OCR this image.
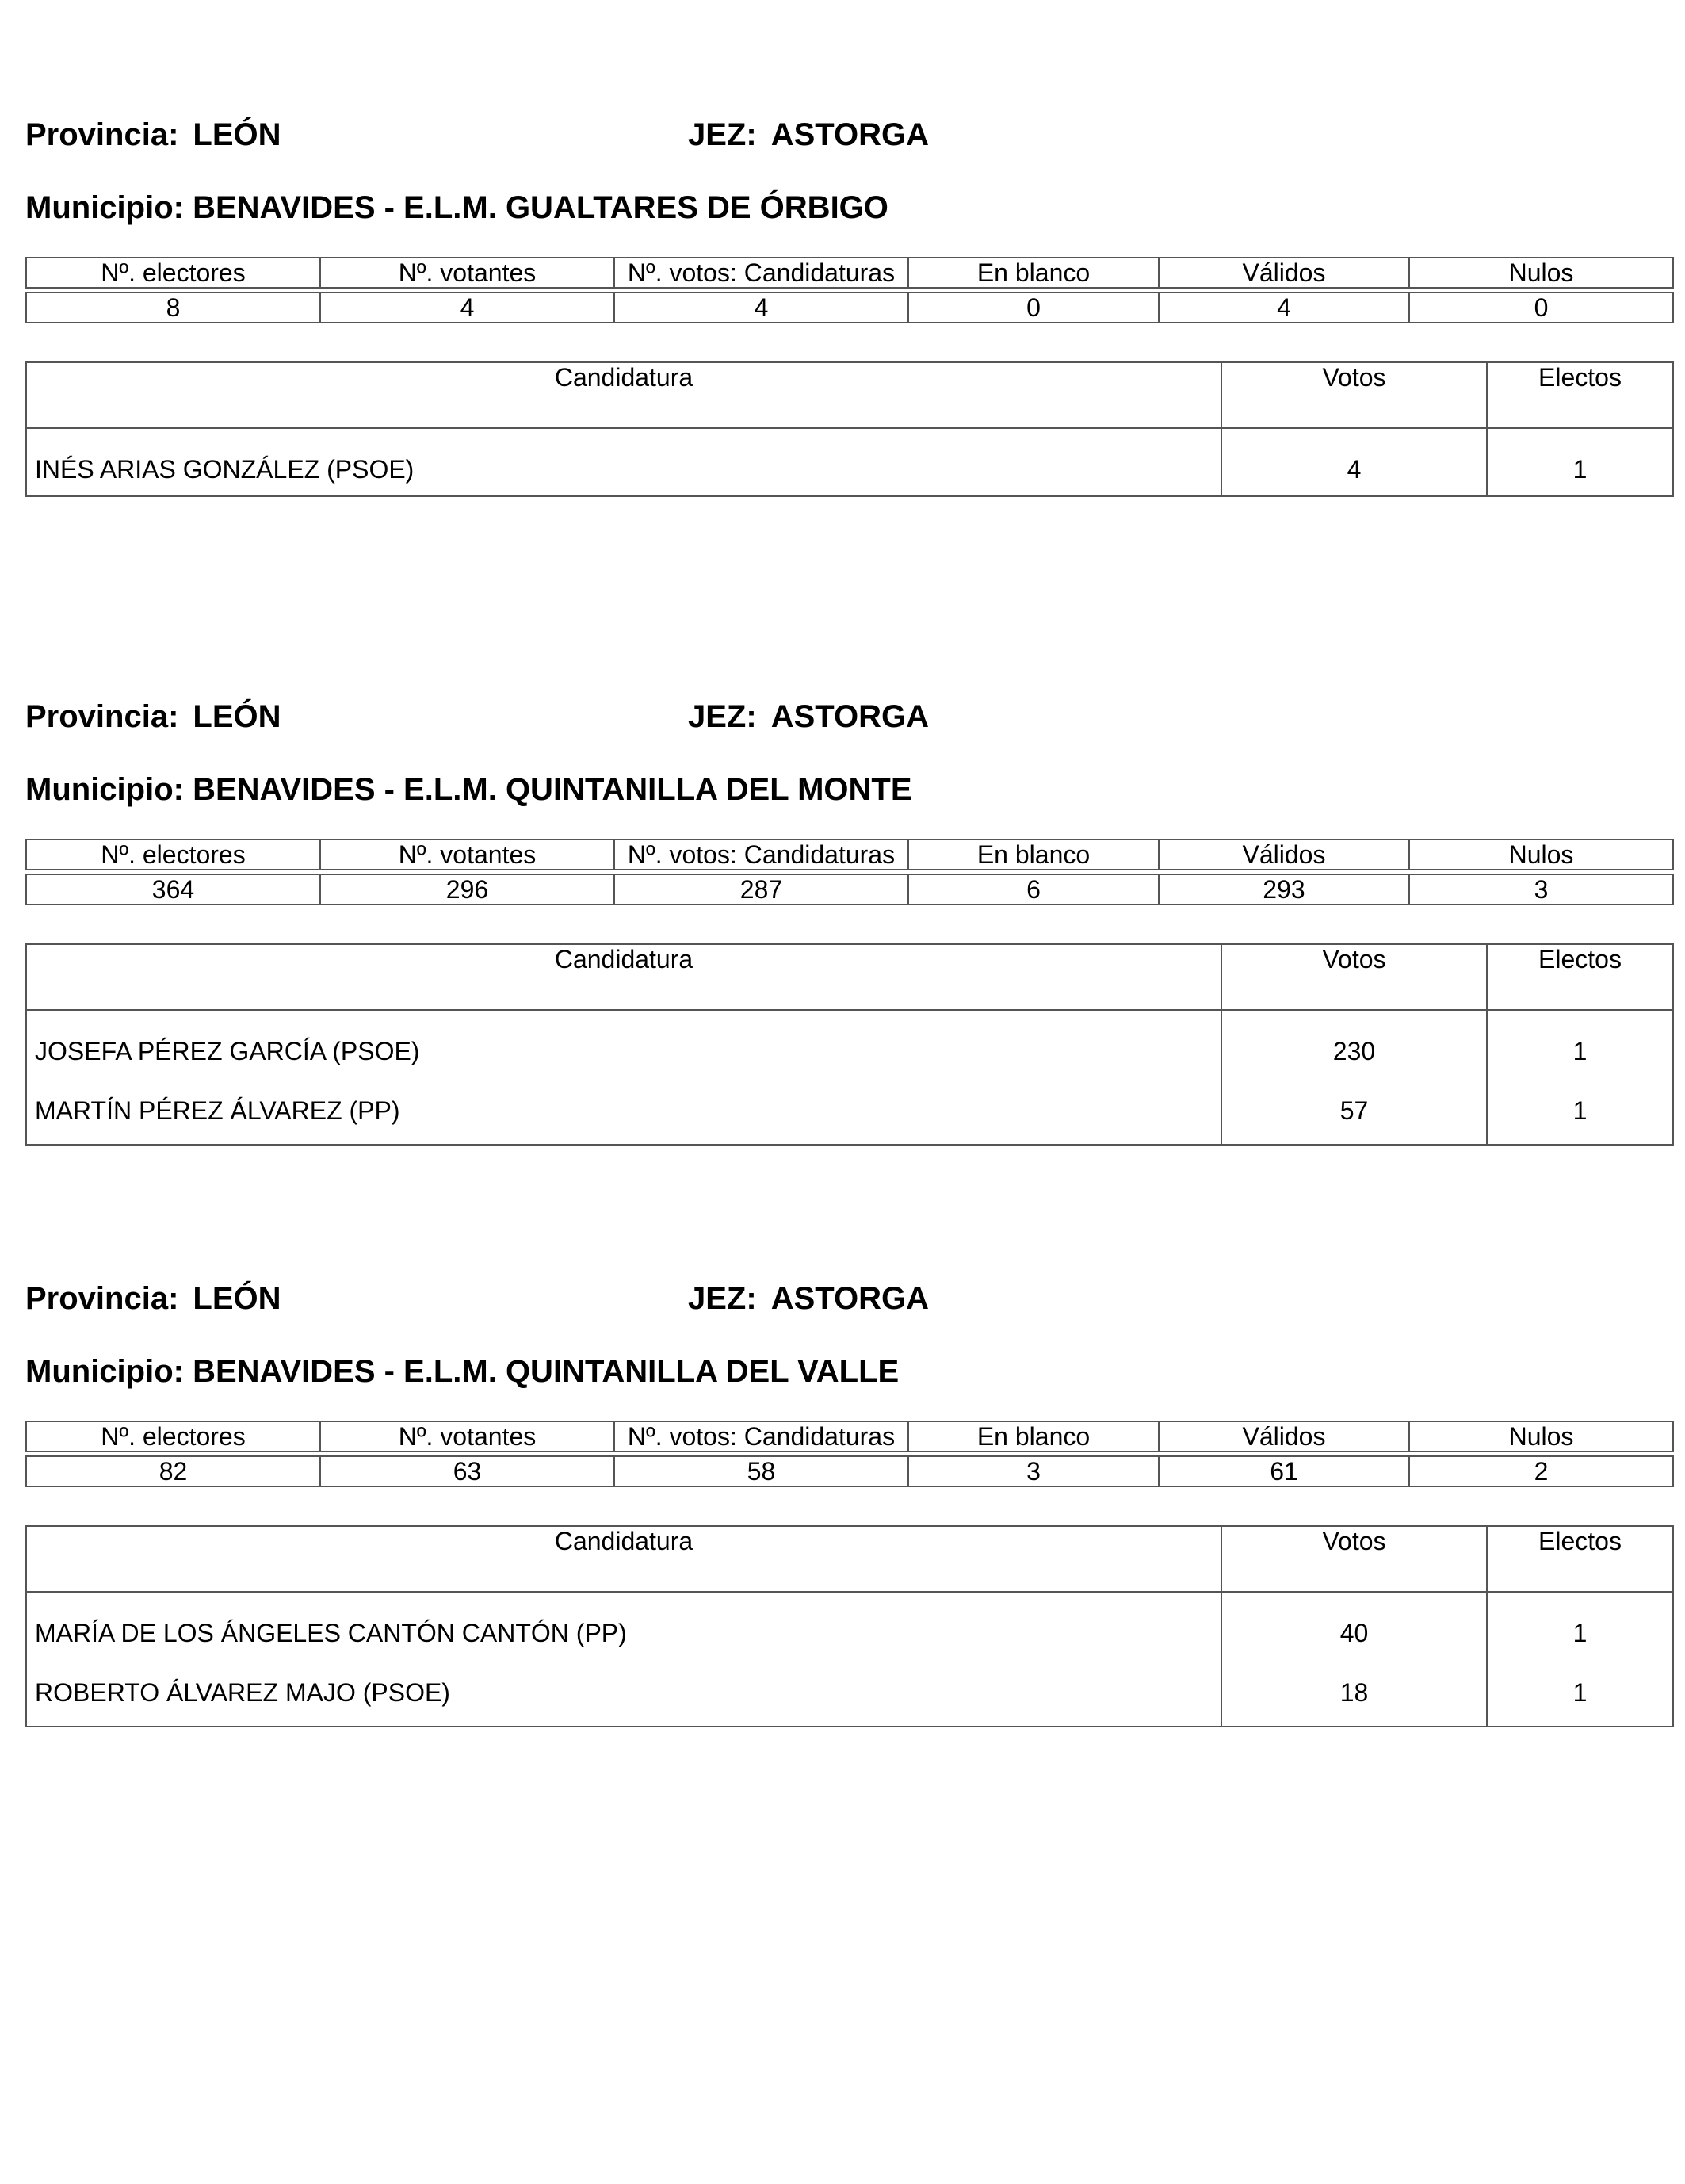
Provincia: LEÓN	JEZ: ASTORGA
Municipio: BENAVIDES - E.L.M. GUALTARES DE ÓRBIGO
Nº. electores	Nº. votantes	Nº. votos: Candidaturas	En blanco	Válidos	Nulos

8	4	4	0	4	0
Candidatura	Votos	Electos
INÉS ARIAS GONZÁLEZ (PSOE)	4	1
Provincia: LEÓN	JEZ: ASTORGA
Municipio: BENAVIDES - E.L.M. QUINTANILLA DEL MONTE
Nº. electores	Nº. votantes	Nº. votos: Candidaturas	En blanco	Válidos	Nulos

364	296	287	6	293	3
Candidatura	Votos	Electos
JOSEFA PÉREZ GARCÍA (PSOE)	230	1
MARTÍN PÉREZ ÁLVAREZ (PP)	57	1
Provincia: LEÓN	JEZ: ASTORGA
Municipio: BENAVIDES - E.L.M. QUINTANILLA DEL VALLE
Nº. electores	Nº. votantes	Nº. votos: Candidaturas	En blanco	Válidos	Nulos

82	63	58	3	61	2
Candidatura	Votos	Electos
MARÍA DE LOS ÁNGELES CANTÓN CANTÓN (PP)	40	1
ROBERTO ÁLVAREZ MAJO (PSOE)	18	1
